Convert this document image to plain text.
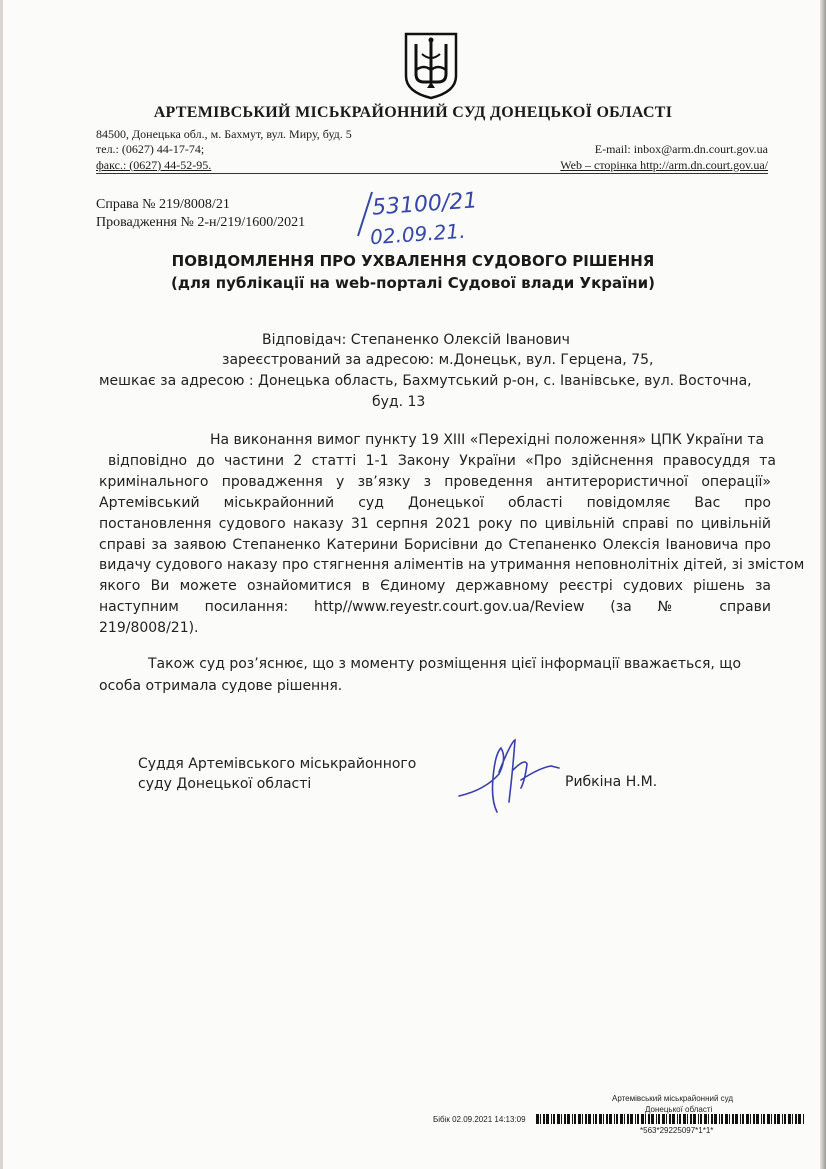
АРТЕМІВСЬКИЙ МІСЬКРАЙОННИЙ СУД ДОНЕЦЬКОЇ ОБЛАСТІ
84500, Донецька обл., м. Бахмут, вул. Миру, буд. 5
тел.: (0627) 44-17-74;
факс.: (0627) 44-52-95.
E-mail: inbox@arm.dn.court.gov.ua
Web – сторінка http://arm.dn.court.gov.ua/
Справа № 219/8008/21
Провадження № 2-н/219/1600/2021
53100/21
02.09.21.
ПОВІДОМЛЕННЯ ПРО УХВАЛЕННЯ СУДОВОГО РІШЕННЯ
(для публікації на web-порталі Судової влади України)
Відповідач: Степаненко Олексій Іванович
зареєстрований за адресою: м.Донецьк, вул. Герцена, 75,
мешкає за адресою : Донецька область, Бахмутський р-он, с. Іванівське, вул. Восточна,
буд. 13
На виконання вимог пункту 19 XIII «Перехідні положення» ЦПК України та
відповідно до частини 2 статті 1-1 Закону України «Про здійснення правосуддя та
кримінального провадження у зв’язку з проведення антитерористичної операції»
Артемівський міськрайонний суд Донецької області повідомляє Вас про
постановлення судового наказу 31 серпня 2021 року по цивільній справі по цивільній
справі за заявою Степаненко Катерини Борисівни до Степаненко Олексія Івановича про
видачу судового наказу про стягнення аліментів на утримання неповнолітніх дітей, зі змістом
якого Ви можете ознайомитися в Єдиному державному реєстрі судових рішень за
наступним посилання: http//www.reyestr.court.gov.ua/Review (за № справи
219/8008/21).
Також суд роз’яснює, що з моменту розміщення цієї інформації вважається, що
особа отримала судове рішення.
Суддя Артемівського міськрайонного
суду Донецької області	Рибкіна Н.М.
Артемівський міськрайонний суд
Донецької області
Бібік 02.09.2021 14:13:09
*563*29225097*1*1*
